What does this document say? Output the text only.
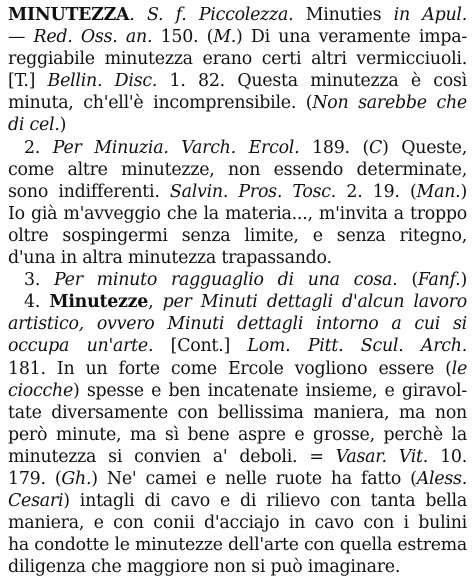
MINUTEZZA. S. f. Piccolezza. Minuties in Apul.
— Red. Oss. an. 150. (M.) Di una veramente impa-
reggiabile minutezza erano certi altri vermicciuoli.
[T.] Bellin. Disc. 1. 82. Questa minutezza è così
minuta, ch'ell'è incomprensibile. (Non sarebbe che
di cel.)
2. Per Minuzia. Varch. Ercol. 189. (C) Queste,
come altre minutezze, non essendo determinate,
sono indifferenti. Salvin. Pros. Tosc. 2. 19. (Man.)
Io già m'avveggio che la materia..., m'invita a troppo
oltre sospingermi senza limite, e senza ritegno,
d'una in altra minutezza trapassando.
3. Per minuto ragguaglio di una cosa. (Fanf.)
4. Minutezze, per Minuti dettagli d'alcun lavoro
artistico, ovvero Minuti dettagli intorno a cui si
occupa un'arte. [Cont.] Lom. Pitt. Scul. Arch.
181. In un forte come Ercole vogliono essere (le
ciocche) spesse e ben incatenate insieme, e giravol-
tate diversamente con bellissima maniera, ma non
però minute, ma sì bene aspre e grosse, perchè la
minutezza si convien a' deboli. = Vasar. Vit. 10.
179. (Gh.) Ne' camei e nelle ruote ha fatto (Aless.
Cesari) intagli di cavo e di rilievo con tanta bella
maniera, e con conii d'acciajo in cavo con i bulini
ha condotte le minutezze dell'arte con quella estrema
diligenza che maggiore non si può imaginare.
